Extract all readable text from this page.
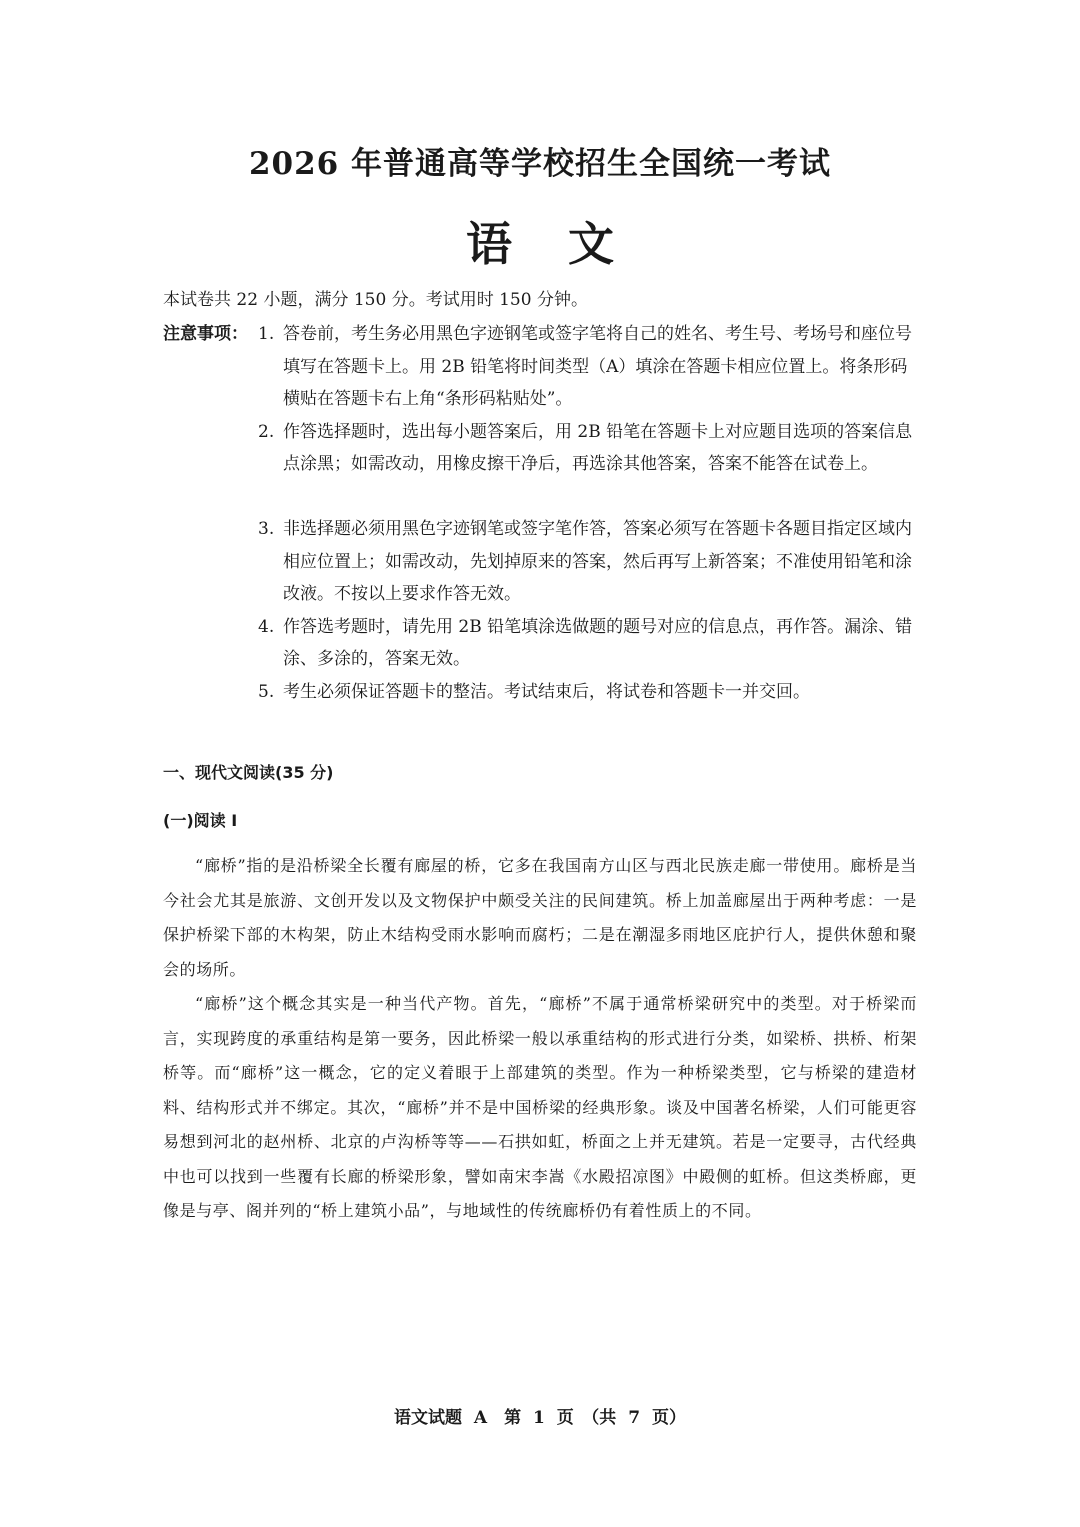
2026 年普通高等学校招生全国统一考试
语文
本试卷共 22 小题，满分 150 分。考试用时 150 分钟。
注意事项： 1. 答卷前，考生务必用黑色字迹钢笔或签字笔将自己的姓名、考生号、考场号和座位号填写在答题卡上。用 2B 铅笔将时间类型（A）填涂在答题卡相应位置上。将条形码横贴在答题卡右上角“条形码粘贴处”。
2. 作答选择题时，选出每小题答案后，用 2B 铅笔在答题卡上对应题目选项的答案信息点涂黑；如需改动，用橡皮擦干净后，再选涂其他答案，答案不能答在试卷上。
3. 非选择题必须用黑色字迹钢笔或签字笔作答，答案必须写在答题卡各题目指定区域内相应位置上；如需改动，先划掉原来的答案，然后再写上新答案；不准使用铅笔和涂改液。不按以上要求作答无效。
4. 作答选考题时，请先用 2B 铅笔填涂选做题的题号对应的信息点，再作答。漏涂、错涂、多涂的，答案无效。
5. 考生必须保证答题卡的整洁。考试结束后，将试卷和答题卡一并交回。
一、现代文阅读(35 分)
(一)阅读 I

“廊桥”指的是沿桥梁全长覆有廊屋的桥，它多在我国南方山区与西北民族走廊一带使用。廊桥是当今社会尤其是旅游、文创开发以及文物保护中颇受关注的民间建筑。桥上加盖廊屋出于两种考虑：一是保护桥梁下部的木构架，防止木结构受雨水影响而腐朽；二是在潮湿多雨地区庇护行人，提供休憩和聚会的场所。

“廊桥”这个概念其实是一种当代产物。首先，“廊桥”不属于通常桥梁研究中的类型。对于桥梁而言，实现跨度的承重结构是第一要务，因此桥梁一般以承重结构的形式进行分类，如梁桥、拱桥、桁架桥等。而“廊桥”这一概念，它的定义着眼于上部建筑的类型。作为一种桥梁类型，它与桥梁的建造材料、结构形式并不绑定。其次，“廊桥”并不是中国桥梁的经典形象。谈及中国著名桥梁，人们可能更容易想到河北的赵州桥、北京的卢沟桥等等——石拱如虹，桥面之上并无建筑。若是一定要寻，古代经典中也可以找到一些覆有长廊的桥梁形象，譬如南宋李嵩《水殿招凉图》中殿侧的虹桥。但这类桥廊，更像是与亭、阁并列的“桥上建筑小品”，与地域性的传统廊桥仍有着性质上的不同。

语文试题 A　第 1 页　（共 7 页）
